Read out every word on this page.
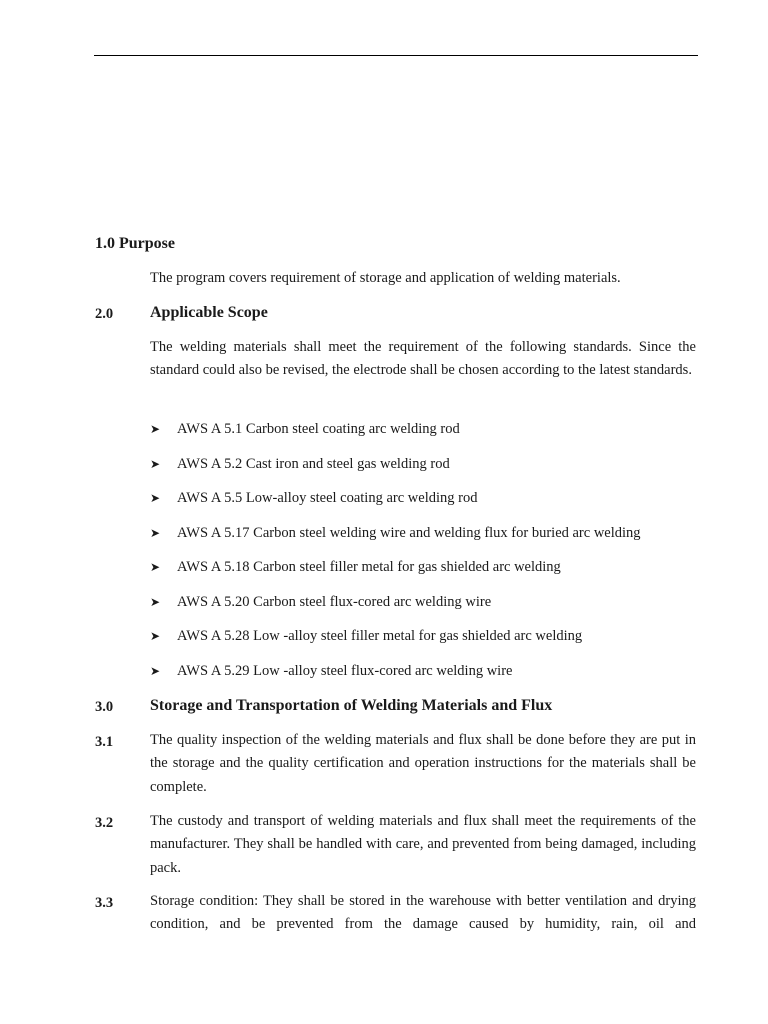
1.0 Purpose
The program covers requirement of storage and application of welding materials.
2.0 Applicable Scope
The welding materials shall meet the requirement of the following standards. Since the standard could also be revised, the electrode shall be chosen according to the latest standards.
➤	AWS A 5.1 Carbon steel coating arc welding rod
➤	AWS A 5.2 Cast iron and steel gas welding rod
➤	AWS A 5.5 Low-alloy steel coating arc welding rod
➤	AWS A 5.17 Carbon steel welding wire and welding flux for buried arc welding
➤	AWS A 5.18 Carbon steel filler metal for gas shielded arc welding
➤	AWS A 5.20 Carbon steel flux-cored arc welding wire
➤	AWS A 5.28 Low -alloy steel filler metal for gas shielded arc welding
➤	AWS A 5.29 Low -alloy steel flux-cored arc welding wire
3.0 Storage and Transportation of Welding Materials and Flux
3.1	The quality inspection of the welding materials and flux shall be done before they are put in the storage and the quality certification and operation instructions for the materials shall be complete.
3.2	The custody and transport of welding materials and flux shall meet the requirements of the manufacturer. They shall be handled with care, and prevented from being damaged, including pack.
3.3	Storage condition: They shall be stored in the warehouse with better ventilation and drying condition, and be prevented from the damage caused by humidity, rain, oil and
